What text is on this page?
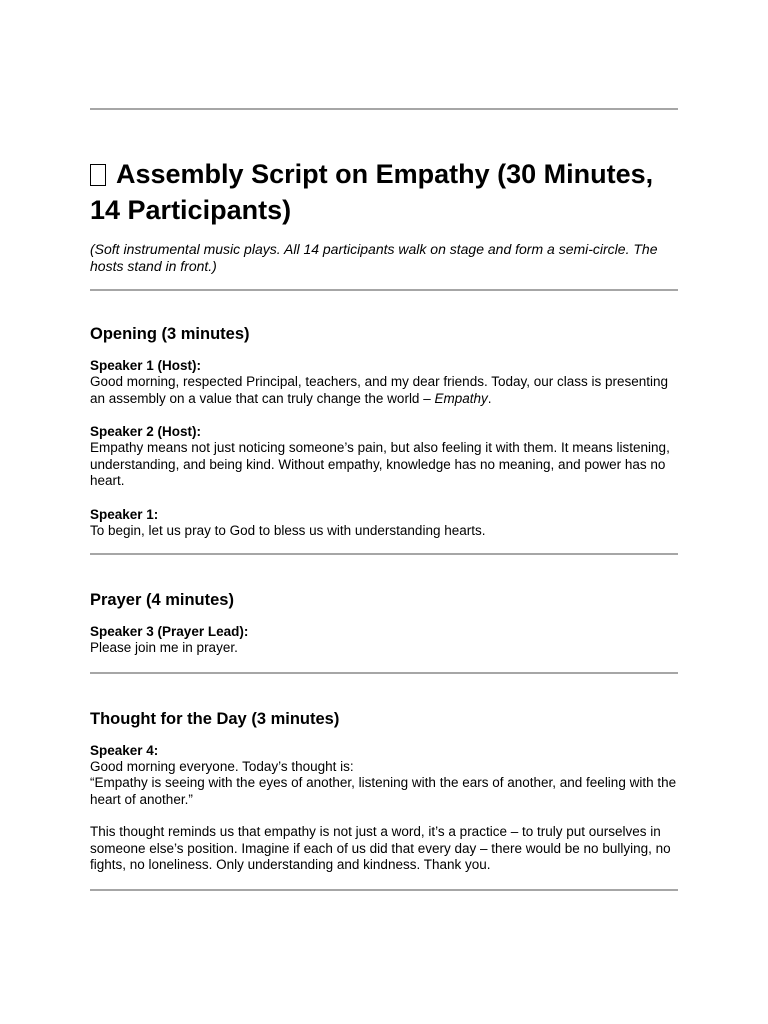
Assembly Script on Empathy (30 Minutes, 14 Participants)

(Soft instrumental music plays. All 14 participants walk on stage and form a semi-circle. The hosts stand in front.)

Opening (3 minutes)

Speaker 1 (Host):

Good morning, respected Principal, teachers, and my dear friends. Today, our class is presenting an assembly on a value that can truly change the world – Empathy.

Speaker 2 (Host):

Empathy means not just noticing someone’s pain, but also feeling it with them. It means listening, understanding, and being kind. Without empathy, knowledge has no meaning, and power has no heart.

Speaker 1:

To begin, let us pray to God to bless us with understanding hearts.

Prayer (4 minutes)

Speaker 3 (Prayer Lead):

Please join me in prayer.

Thought for the Day (3 minutes)

Speaker 4:

Good morning everyone. Today’s thought is:

“Empathy is seeing with the eyes of another, listening with the ears of another, and feeling with the heart of another.”

This thought reminds us that empathy is not just a word, it’s a practice – to truly put ourselves in someone else’s position. Imagine if each of us did that every day – there would be no bullying, no fights, no loneliness. Only understanding and kindness. Thank you.
